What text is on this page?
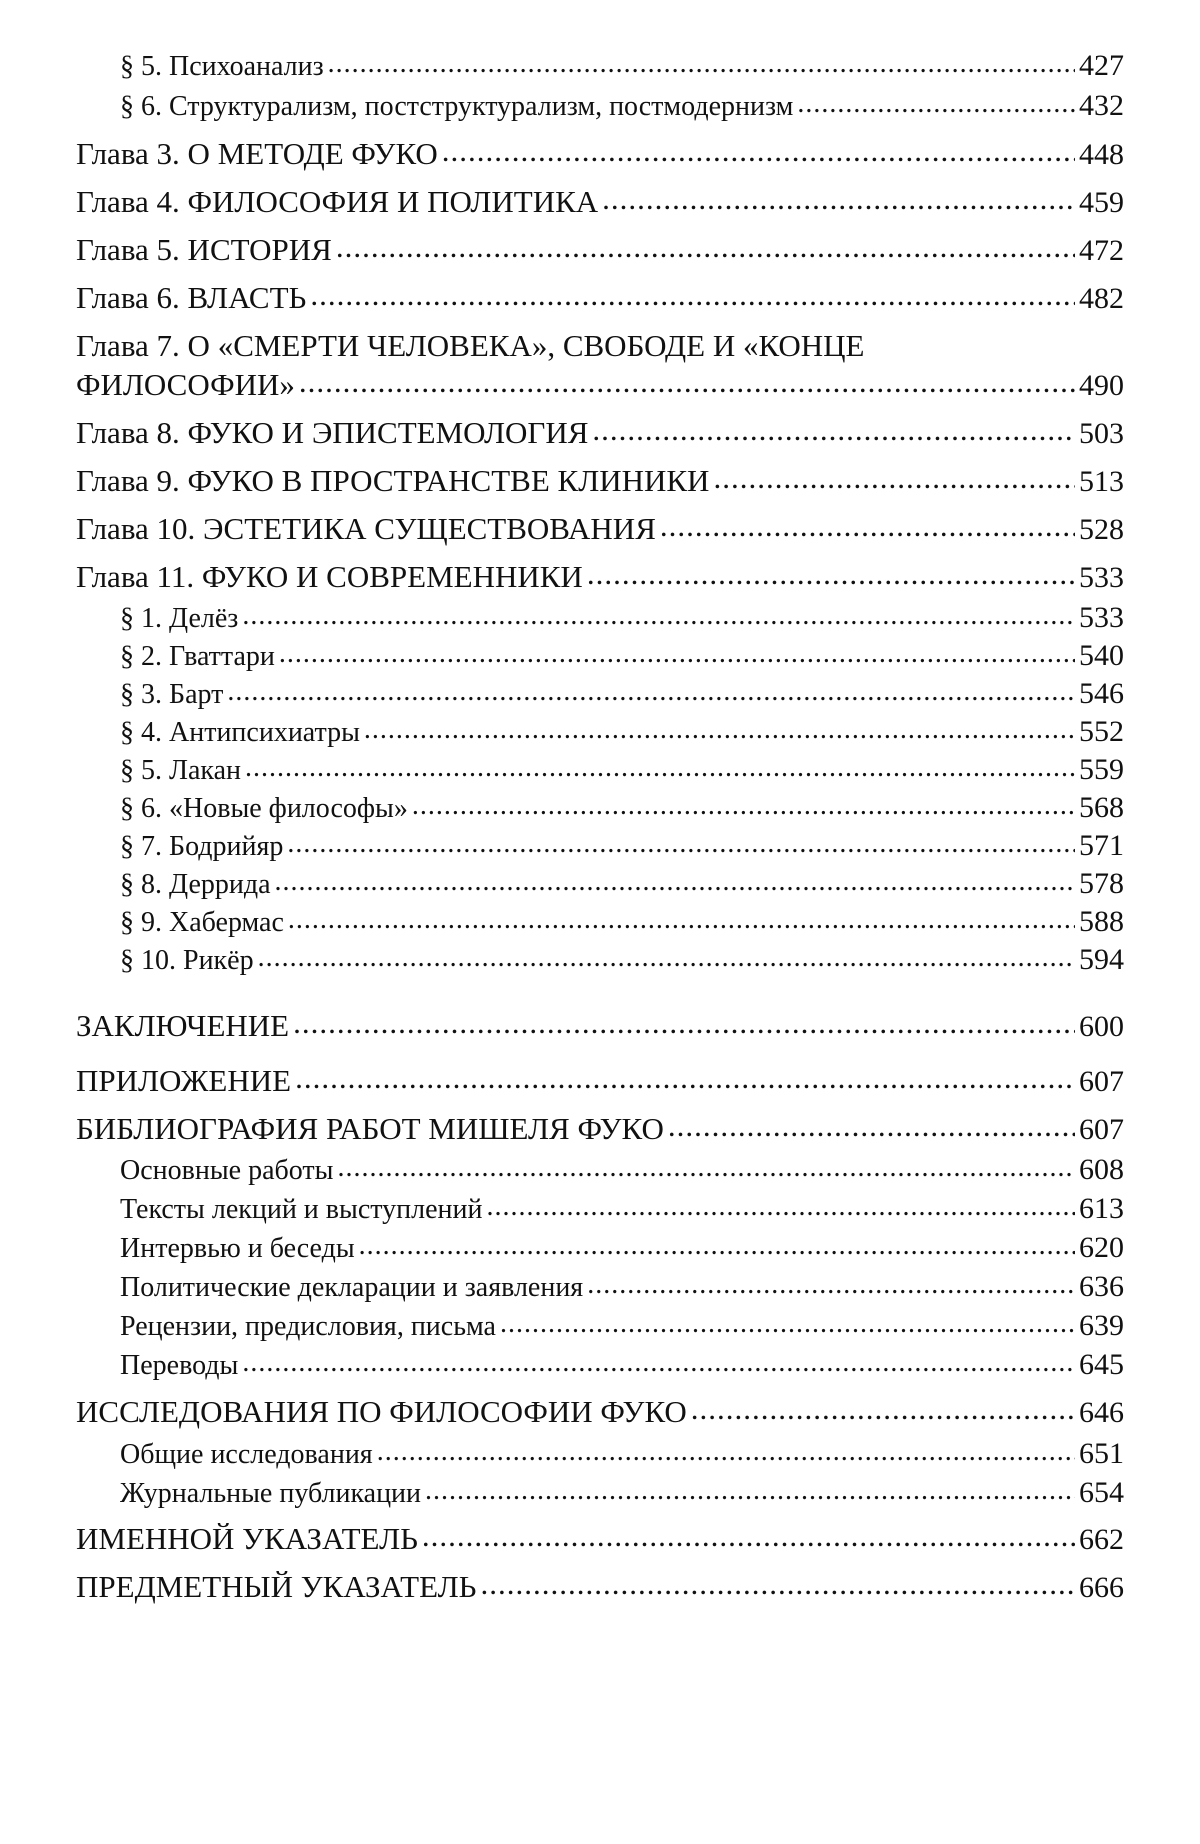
§ 5. Психоанализ .....	427
§ 6. Структурализм, постструктурализм, постмодернизм .....	432
Глава 3. О МЕТОДЕ ФУКО .....	448
Глава 4. ФИЛОСОФИЯ И ПОЛИТИКА .....	459
Глава 5. ИСТОРИЯ .....	472
Глава 6. ВЛАСТЬ .....	482
Глава 7. О «СМЕРТИ ЧЕЛОВЕКА», СВОБОДЕ И «КОНЦЕ
ФИЛОСОФИИ» .....	490
Глава 8. ФУКО И ЭПИСТЕМОЛОГИЯ .....	503
Глава 9. ФУКО В ПРОСТРАНСТВЕ КЛИНИКИ .....	513
Глава 10. ЭСТЕТИКА СУЩЕСТВОВАНИЯ .....	528
Глава 11. ФУКО И СОВРЕМЕННИКИ .....	533
§ 1. Делёз .....	533
§ 2. Гваттари .....	540
§ 3. Барт .....	546
§ 4. Антипсихиатры .....	552
§ 5. Лакан .....	559
§ 6. «Новые философы» .....	568
§ 7. Бодрийяр .....	571
§ 8. Деррида .....	578
§ 9. Хабермас .....	588
§ 10. Рикёр .....	594
ЗАКЛЮЧЕНИЕ .....	600
ПРИЛОЖЕНИЕ .....	607
БИБЛИОГРАФИЯ РАБОТ МИШЕЛЯ ФУКО .....	607
Основные работы .....	608
Тексты лекций и выступлений .....	613
Интервью и беседы .....	620
Политические декларации и заявления .....	636
Рецензии, предисловия, письма .....	639
Переводы .....	645
ИССЛЕДОВАНИЯ ПО ФИЛОСОФИИ ФУКО .....	646
Общие исследования .....	651
Журнальные публикации .....	654
ИМЕННОЙ УКАЗАТЕЛЬ .....	662
ПРЕДМЕТНЫЙ УКАЗАТЕЛЬ .....	666
